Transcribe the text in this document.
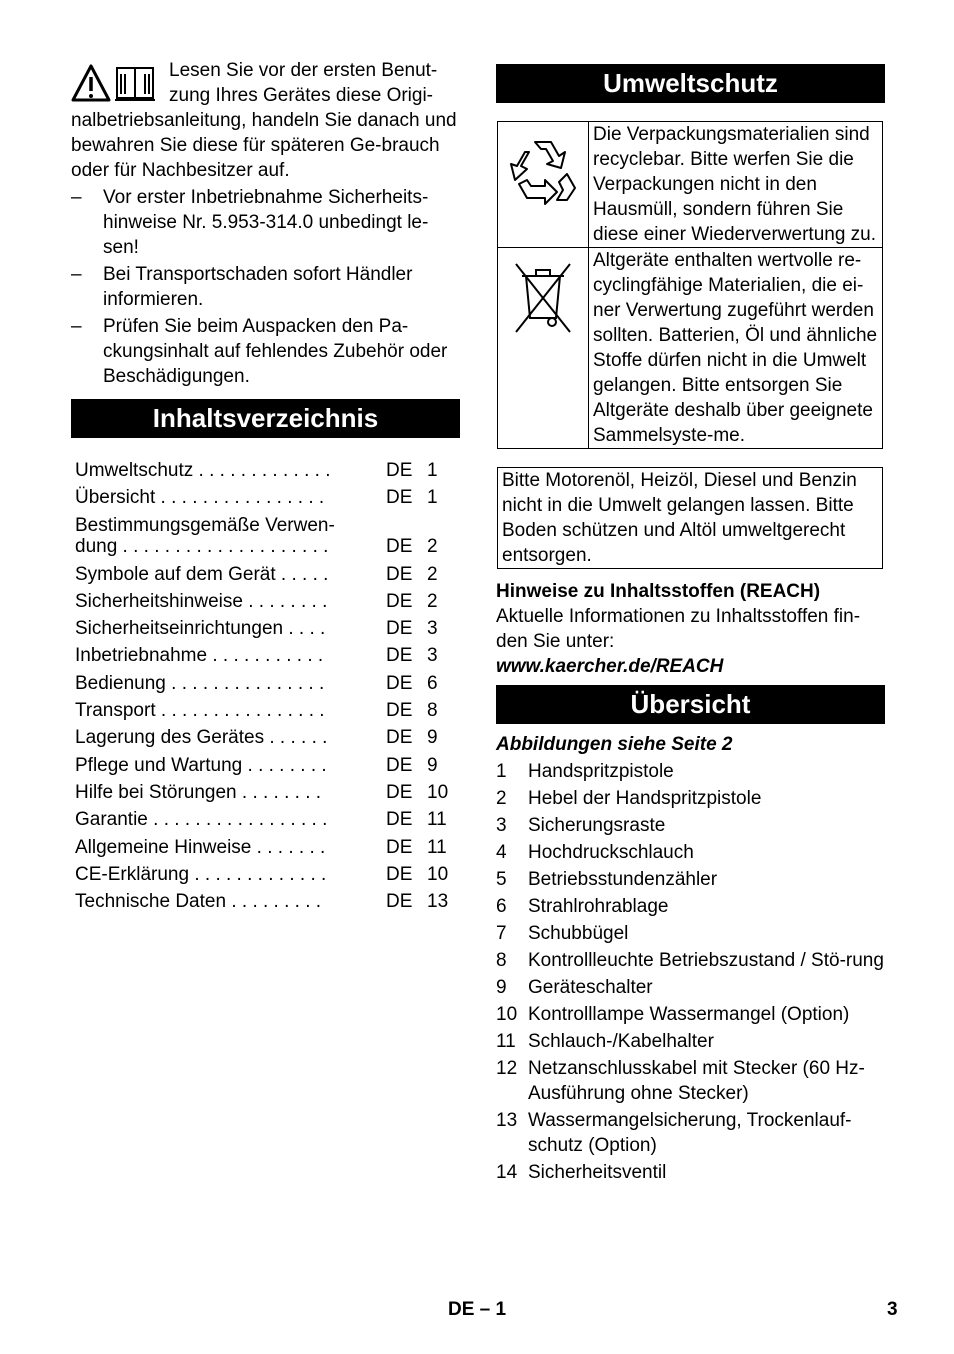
Lesen Sie vor der ersten Benut-
zung Ihres Gerätes diese Origi- nalbetriebsanleitung, handeln Sie danach und bewahren Sie diese für späteren Ge-brauch oder für Nachbesitzer auf.

– Vor erster Inbetriebnahme Sicherheits-hinweise Nr. 5.953-314.0 unbedingt le-sen!
– Bei Transportschaden sofort Händler informieren.
– Prüfen Sie beim Auspacken den Pa-ckungsinhalt auf fehlendes Zubehör oder Beschädigungen.
Inhaltsverzeichnis
Umweltschutz . . . . . . . . . . . . .	DE 1
Übersicht . . . . . . . . . . . . . . . .	DE 1
Bestimmungsgemäße Verwen-
dung . . . . . . . . . . . . . . . . . . . .	DE 2
Symbole auf dem Gerät . . . . .	DE 2
Sicherheitshinweise . . . . . . . .	DE 2
Sicherheitseinrichtungen . . . .	DE 3
Inbetriebnahme . . . . . . . . . . .	DE 3
Bedienung . . . . . . . . . . . . . . .	DE 6
Transport . . . . . . . . . . . . . . . .	DE 8
Lagerung des Gerätes . . . . . .	DE 9
Pflege und Wartung . . . . . . . .	DE 9
Hilfe bei Störungen . . . . . . . .	DE 10
Garantie . . . . . . . . . . . . . . . . .	DE 11
Allgemeine Hinweise . . . . . . .	DE 11
CE-Erklärung . . . . . . . . . . . . .	DE 10
Technische Daten . . . . . . . . .	DE 13
Umweltschutz
	Die Verpackungsmaterialien sind recyclebar. Bitte werfen Sie die Verpackungen nicht in den Hausmüll, sondern führen Sie diese einer Wiederverwertung zu.
	Altgeräte enthalten wertvolle re-cyclingfähige Materialien, die ei-ner Verwertung zugeführt werden sollten. Batterien, Öl und ähnliche Stoffe dürfen nicht in die Umwelt gelangen. Bitte entsorgen Sie Altgeräte deshalb über geeignete Sammelsyste-me.
Bitte Motorenöl, Heizöl, Diesel und Benzin nicht in die Umwelt gelangen lassen. Bitte Boden schützen und Altöl umweltgerecht entsorgen.
Hinweise zu Inhaltsstoffen (REACH)
Aktuelle Informationen zu Inhaltsstoffen fin-den Sie unter:
www.kaercher.de/REACH
Übersicht
Abbildungen siehe Seite 2
1 Handspritzpistole
2 Hebel der Handspritzpistole
3 Sicherungsraste
4 Hochdruckschlauch
5 Betriebsstundenzähler
6 Strahlrohrablage
7 Schubbügel
8 Kontrollleuchte Betriebszustand / Stö-rung
9 Geräteschalter
10 Kontrolllampe Wassermangel (Option)
11 Schlauch-/Kabelhalter
12 Netzanschlusskabel mit Stecker (60 Hz-Ausführung ohne Stecker)
13 Wassermangelsicherung, Trockenlauf-schutz (Option)
14 Sicherheitsventil
DE – 1	3
